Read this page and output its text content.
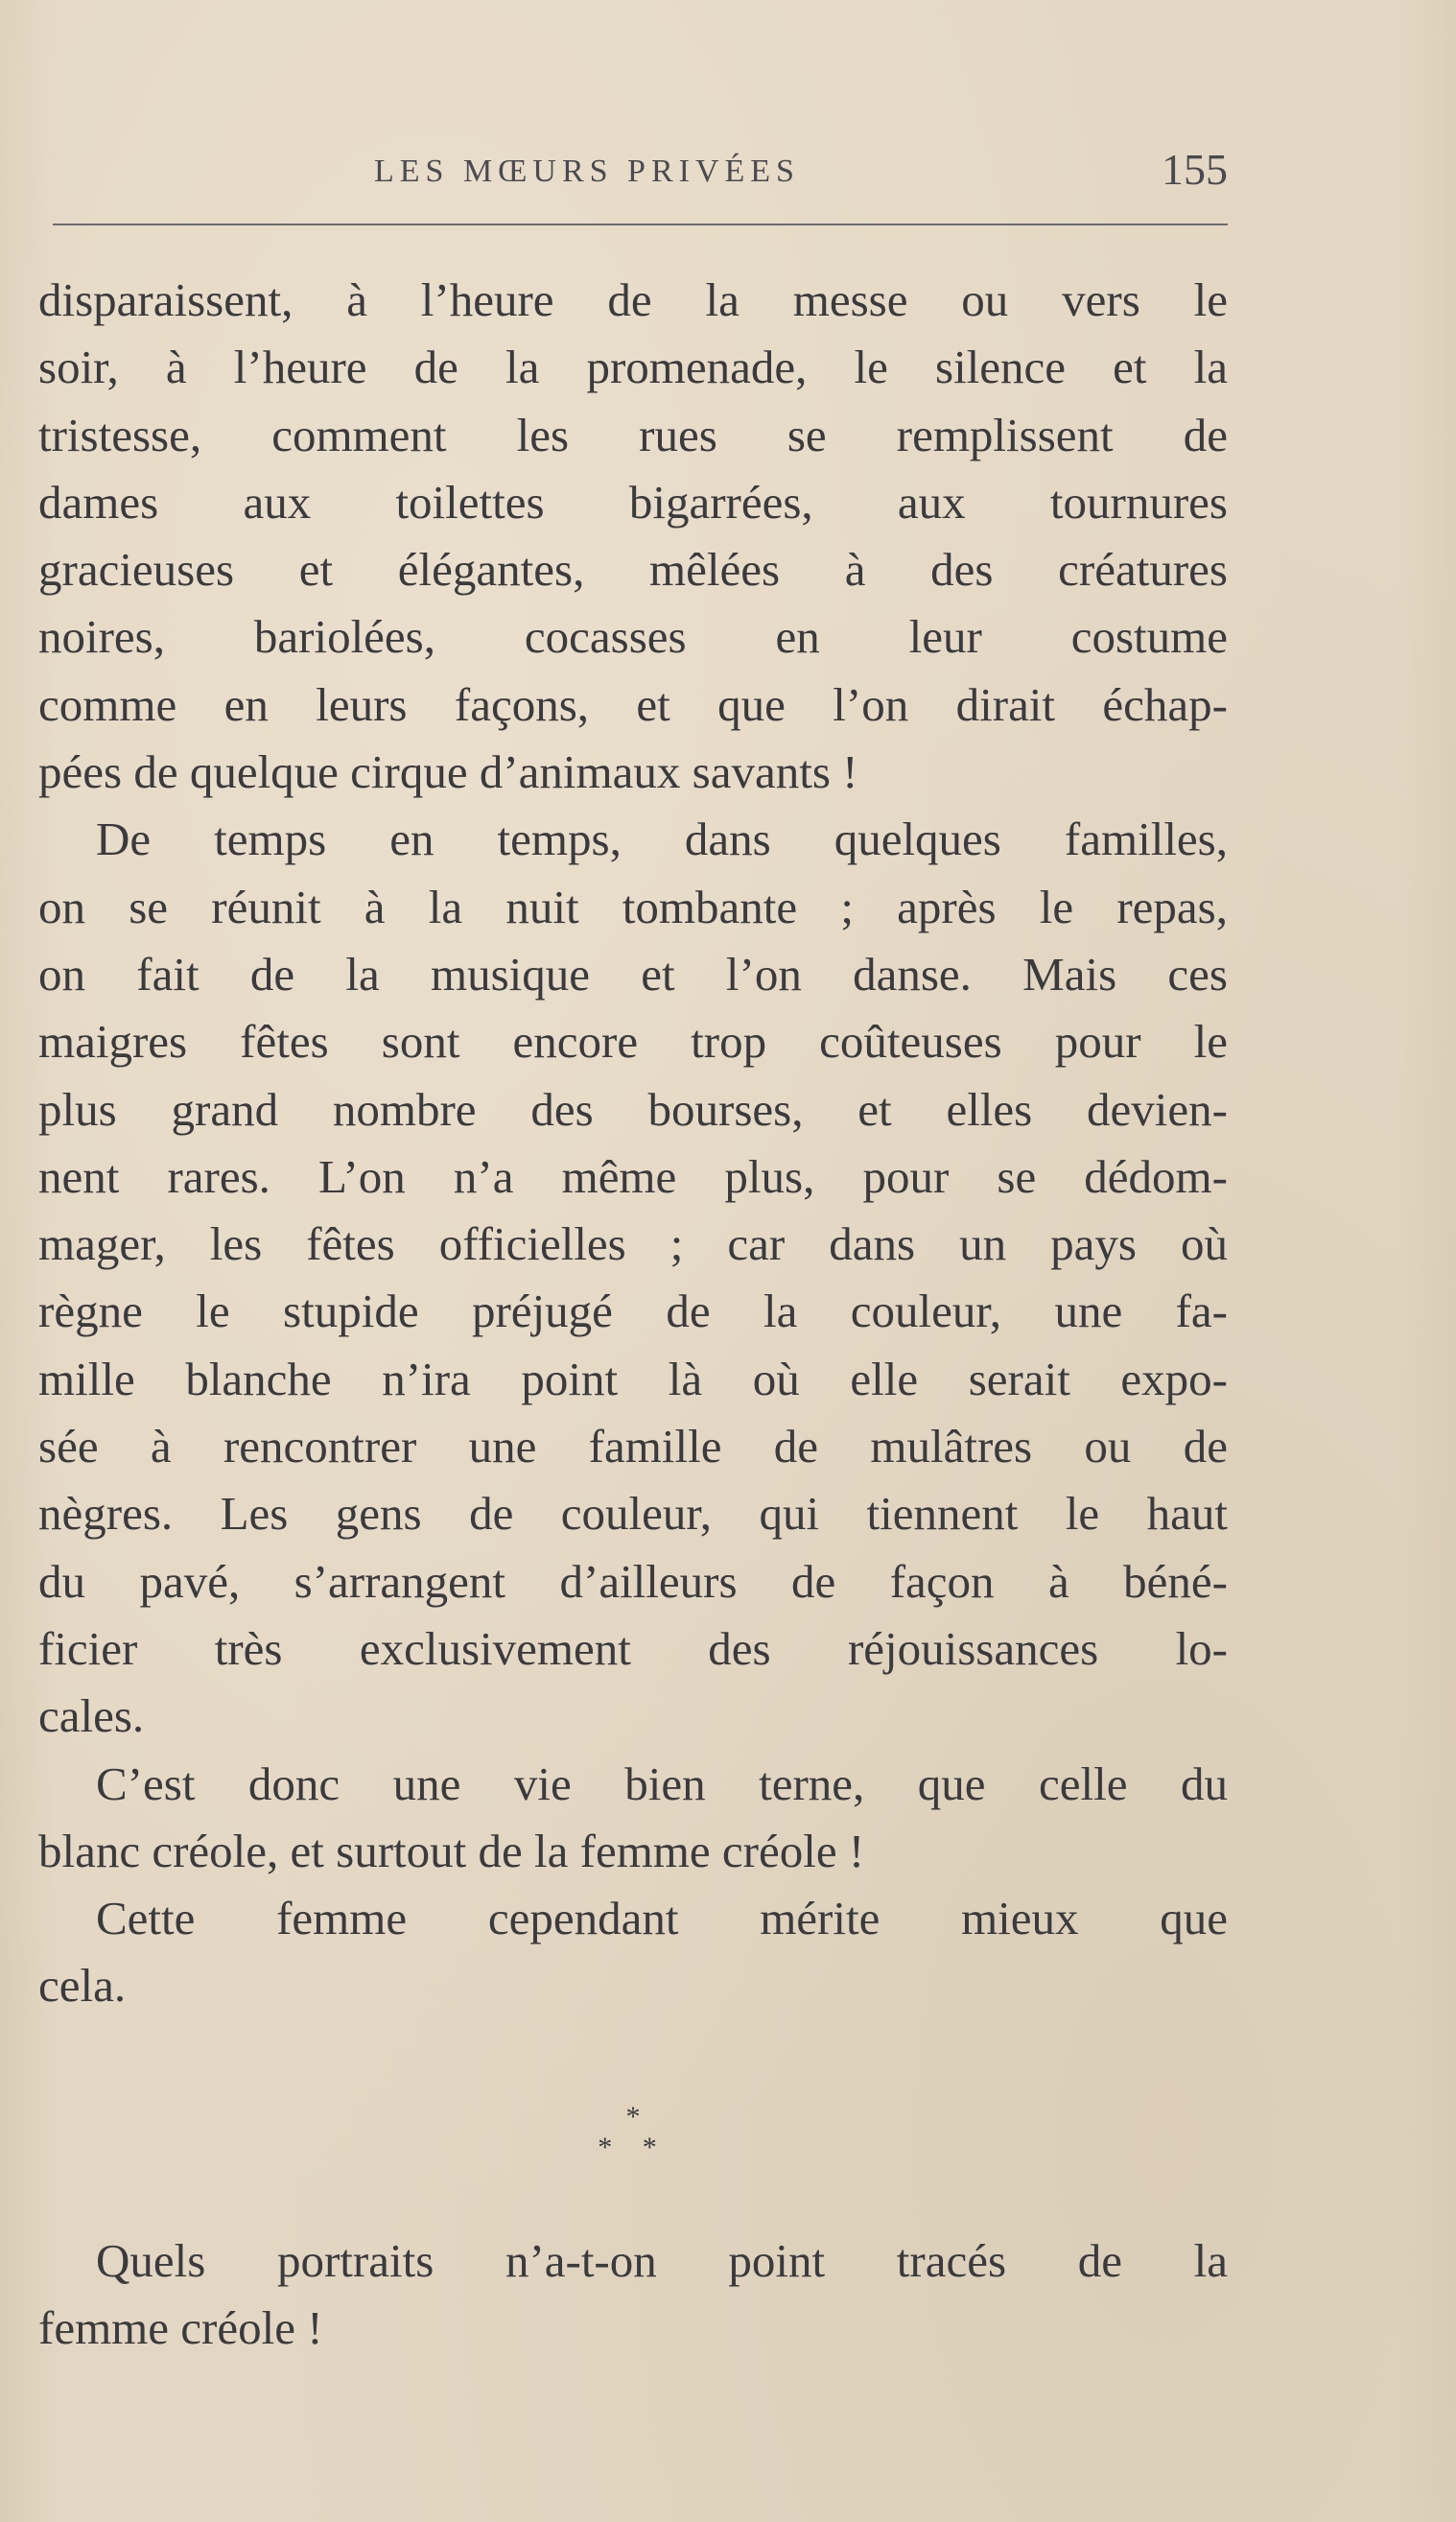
LES MŒURS PRIVÉES	155
disparaissent, à l’heure de la messe ou vers le
soir, à l’heure de la promenade, le silence et la
tristesse, comment les rues se remplissent de
dames aux toilettes bigarrées, aux tournures
gracieuses et élégantes, mêlées à des créatures
noires, bariolées, cocasses en leur costume
comme en leurs façons, et que l’on dirait échap-
pées de quelque cirque d’animaux savants !
De temps en temps, dans quelques familles,
on se réunit à la nuit tombante ; après le repas,
on fait de la musique et l’on danse. Mais ces
maigres fêtes sont encore trop coûteuses pour le
plus grand nombre des bourses, et elles devien-
nent rares. L’on n’a même plus, pour se dédom-
mager, les fêtes officielles ; car dans un pays où
règne le stupide préjugé de la couleur, une fa-
mille blanche n’ira point là où elle serait expo-
sée à rencontrer une famille de mulâtres ou de
nègres. Les gens de couleur, qui tiennent le haut
du pavé, s’arrangent d’ailleurs de façon à béné-
ficier très exclusivement des réjouissances lo-
cales.
C’est donc une vie bien terne, que celle du
blanc créole, et surtout de la femme créole !
Cette femme cependant mérite mieux que
cela.
*
* *
Quels portraits n’a-t-on point tracés de la
femme créole !
